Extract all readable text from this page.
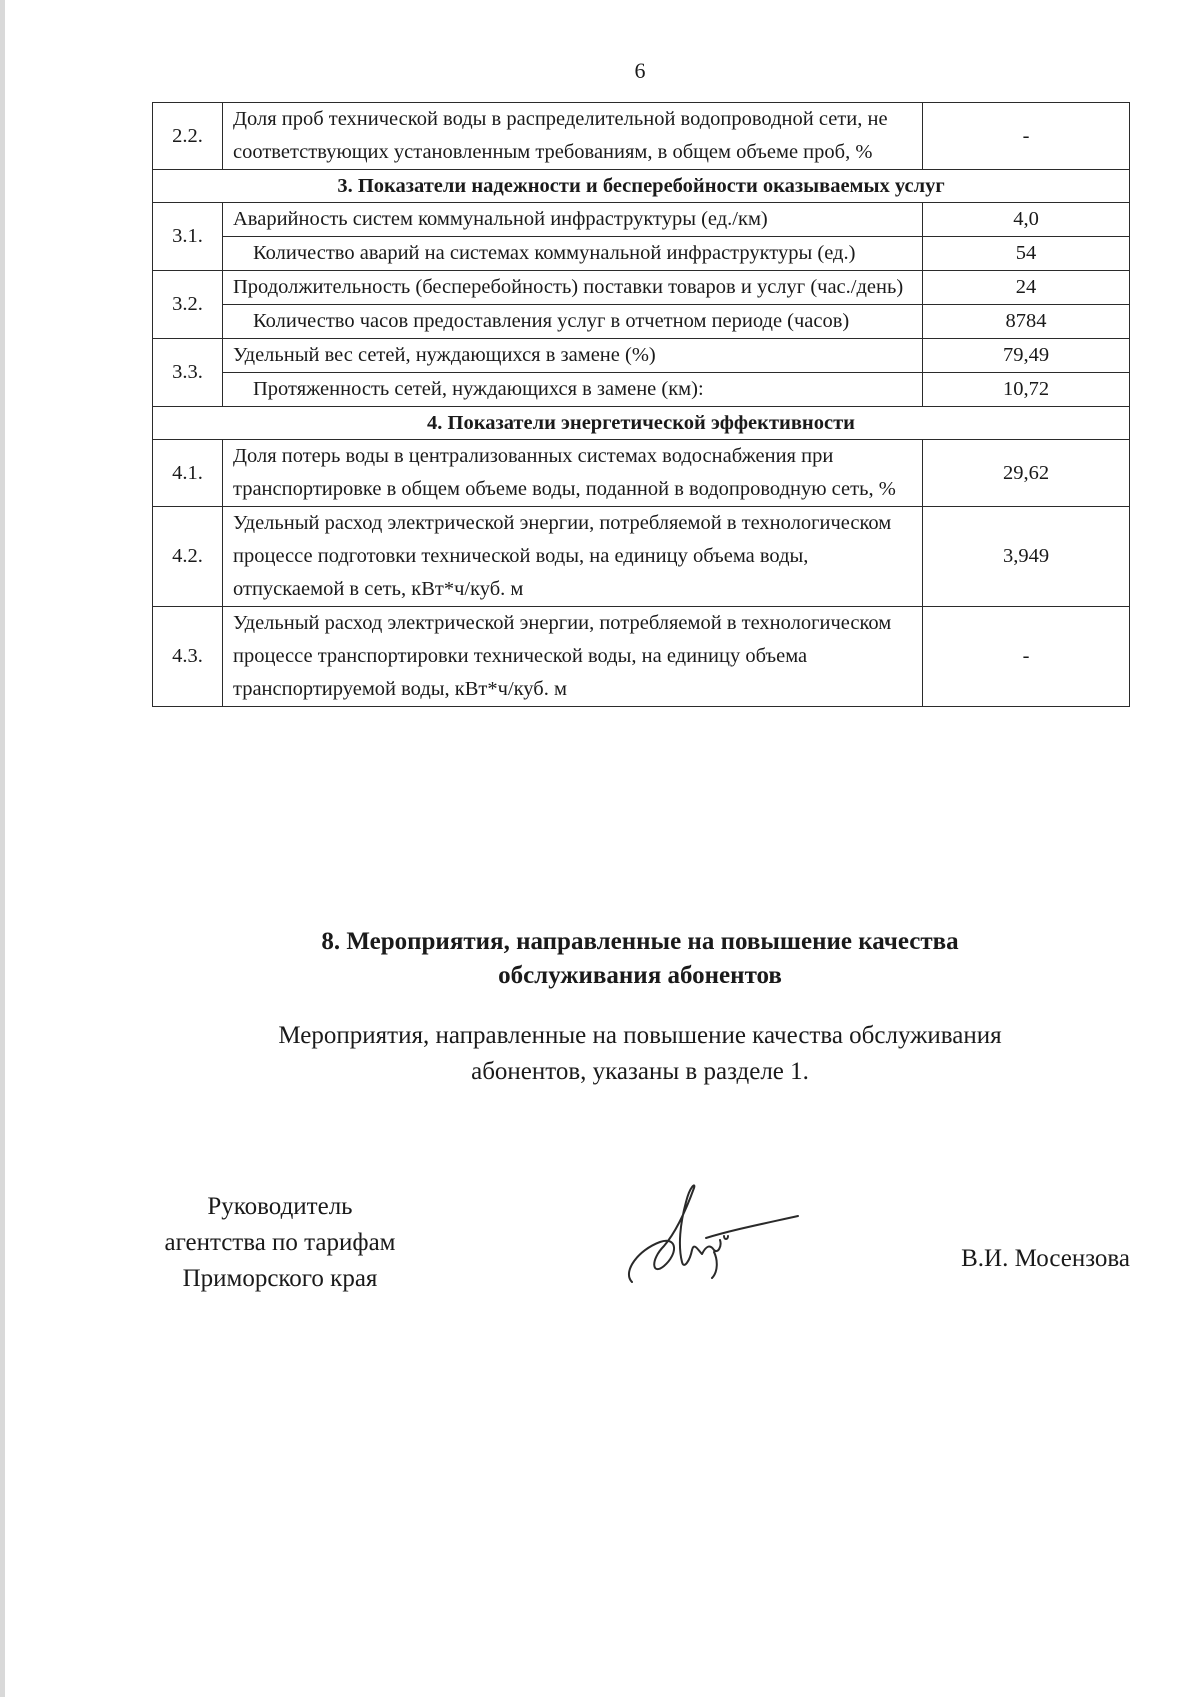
6
2.2.	Доля проб технической воды в распределительной водопроводной сети, не соответствующих установленным требованиям, в общем объеме проб, %	-
3. Показатели надежности и бесперебойности оказываемых услуг		
3.1.	Аварийность систем коммунальной инфраструктуры (ед./км)	4,0
	Количество аварий на системах коммунальной инфраструктуры (ед.)	54
3.2.	Продолжительность (бесперебойность) поставки товаров и услуг (час./день)	24
	Количество часов предоставления услуг в отчетном периоде (часов)	8784
3.3.	Удельный вес сетей, нуждающихся в замене (%)	79,49
	Протяженность сетей, нуждающихся в замене (км):	10,72
4. Показатели энергетической эффективности		
4.1.	Доля потерь воды в централизованных системах водоснабжения при транспортировке в общем объеме воды, поданной в водопроводную сеть, %	29,62
4.2.	Удельный расход электрической энергии, потребляемой в технологическом процессе подготовки технической воды, на единицу объема воды, отпускаемой в сеть, кВт*ч/куб. м	3,949
4.3.	Удельный расход электрической энергии, потребляемой в технологическом процессе транспортировки технической воды, на единицу объема транспортируемой воды, кВт*ч/куб. м	-
8. Мероприятия, направленные на повышение качества
обслуживания абонентов
Мероприятия, направленные на повышение качества обслуживания
абонентов, указаны в разделе 1.
Руководитель
агентства по тарифам
Приморского края
В.И. Мосензова
